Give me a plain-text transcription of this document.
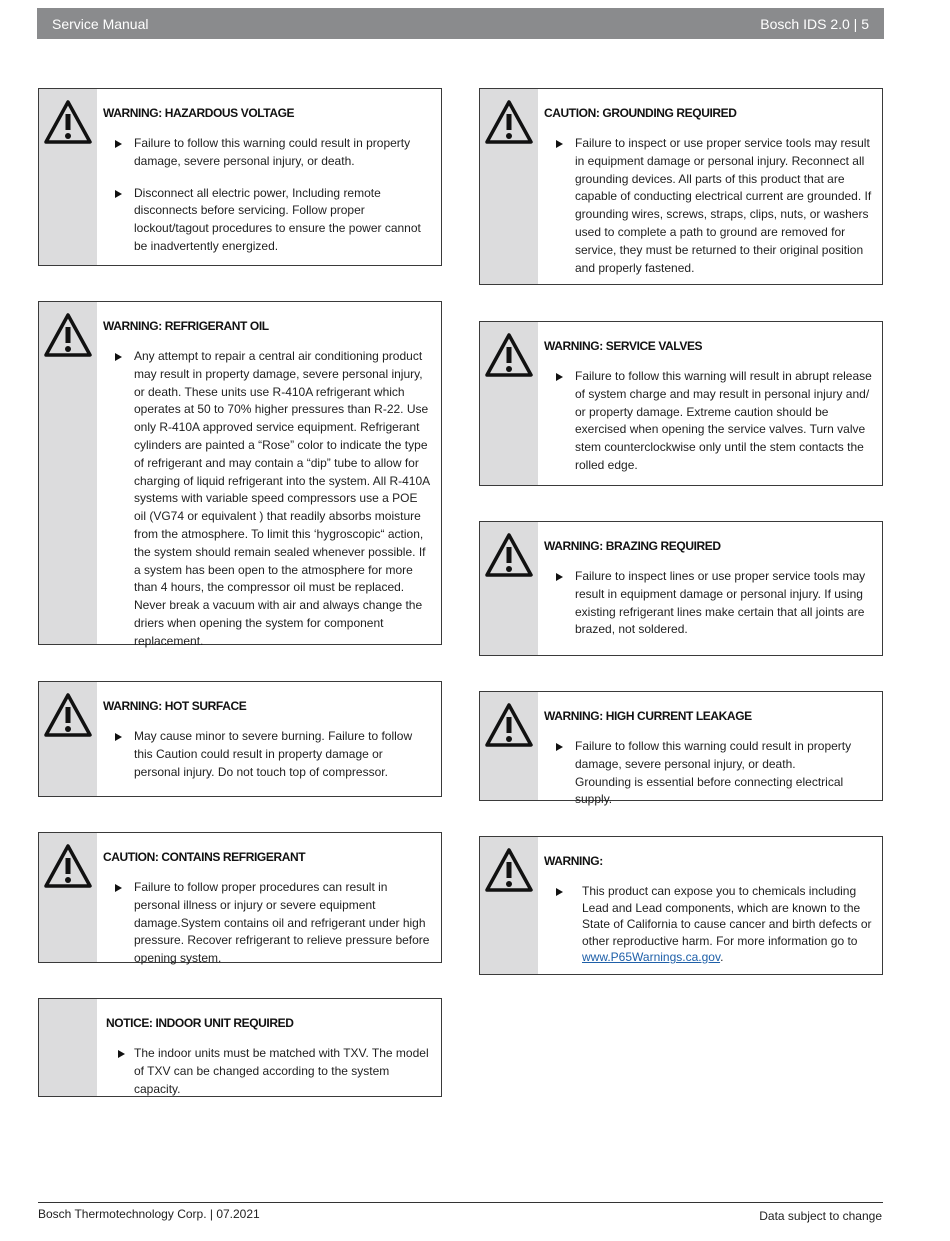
Service Manual	Bosch IDS 2.0 | 5
WARNING: HAZARDOUS VOLTAGE
Failure to follow this warning could result in property damage, severe personal injury, or death.
Disconnect all electric power, Including remote disconnects before servicing. Follow proper lockout/tagout procedures to ensure the power cannot be inadvertently energized.
WARNING: REFRIGERANT OIL
Any attempt to repair a central air conditioning product may result in property damage, severe personal injury, or death. These units use R-410A refrigerant which operates at 50 to 70% higher pressures than R-22. Use only R-410A approved service equipment. Refrigerant cylinders are painted a “Rose” color to indicate the type of refrigerant and may contain a “dip” tube to allow for charging of liquid refrigerant into the system. All R-410A systems with variable speed compressors use a POE oil (VG74 or equivalent ) that readily absorbs moisture from the atmosphere. To limit this ‘hygroscopic“ action, the system should remain sealed whenever possible. If a system has been open to the atmosphere for more than 4 hours, the compressor oil must be replaced. Never break a vacuum with air and always change the driers when opening the system for component replacement.
WARNING: HOT SURFACE
May cause minor to severe burning. Failure to follow this Caution could result in property damage or personal injury. Do not touch top of compressor.
CAUTION: CONTAINS REFRIGERANT
Failure to follow proper procedures can result in personal illness or injury or severe equipment damage.System contains oil and refrigerant under high pressure. Recover refrigerant to relieve pressure before opening system.
NOTICE: INDOOR UNIT REQUIRED
The indoor units must be matched with TXV. The model of TXV can be changed according to the system capacity.
CAUTION: GROUNDING REQUIRED
Failure to inspect or use proper service tools may result in equipment damage or personal injury. Reconnect all grounding devices. All parts of this product that are capable of conducting electrical current are grounded. If grounding wires, screws, straps, clips, nuts, or washers used to complete a path to ground are removed for service, they must be returned to their original position and properly fastened.
WARNING: SERVICE VALVES
Failure to follow this warning will result in abrupt release of system charge and may result in personal injury and/ or property damage. Extreme caution should be exercised when opening the service valves. Turn valve stem counterclockwise only until the stem contacts the rolled edge.
WARNING: BRAZING REQUIRED
Failure to inspect lines or use proper service tools may result in equipment damage or personal injury. If using existing refrigerant lines make certain that all joints are brazed, not soldered.
WARNING: HIGH CURRENT LEAKAGE
Failure to follow this warning could result in property damage, severe personal injury, or death.
Grounding is essential before connecting electrical supply.
WARNING:
This product can expose you to chemicals including Lead and Lead components, which are known to the State of California to cause cancer and birth defects or other reproductive harm. For more information go to www.P65Warnings.ca.gov.
Bosch Thermotechnology Corp. | 07.2021	Data subject to change
